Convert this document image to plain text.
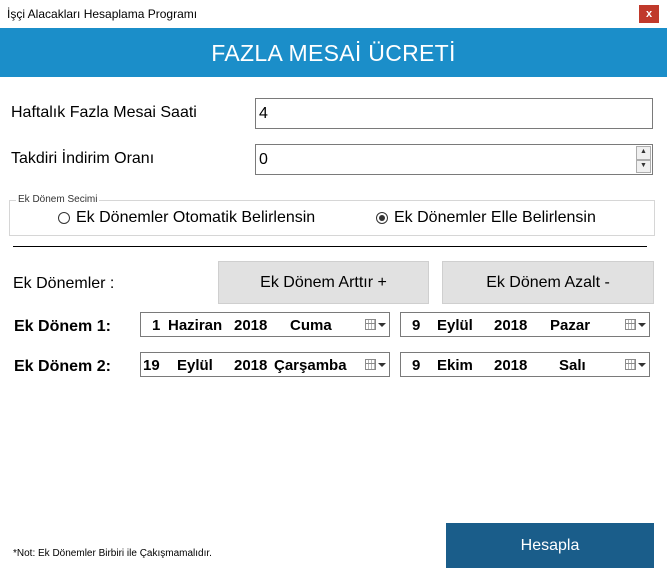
İşçi Alacakları Hesaplama Programı	x
FAZLA MESAİ ÜCRETİ
Haftalık Fazla Mesai Saati	4
Takdiri İndirim Oranı	0	▲
▼
Ek Dönem Secimi
Ek Dönemler Otomatik Belirlensin	Ek Dönemler Elle Belirlensin
Ek Dönemler :	Ek Dönem Arttır +	Ek Dönem Azalt -
Ek Dönem 1:	1 Haziran 2018 Cuma	9 Eylül 2018 Pazar
Ek Dönem 2: 19 Eylül 2018 Çarşamba	9 Ekim 2018 Salı
*Not: Ek Dönemler Birbiri ile Çakışmamalıdır.	Hesapla
